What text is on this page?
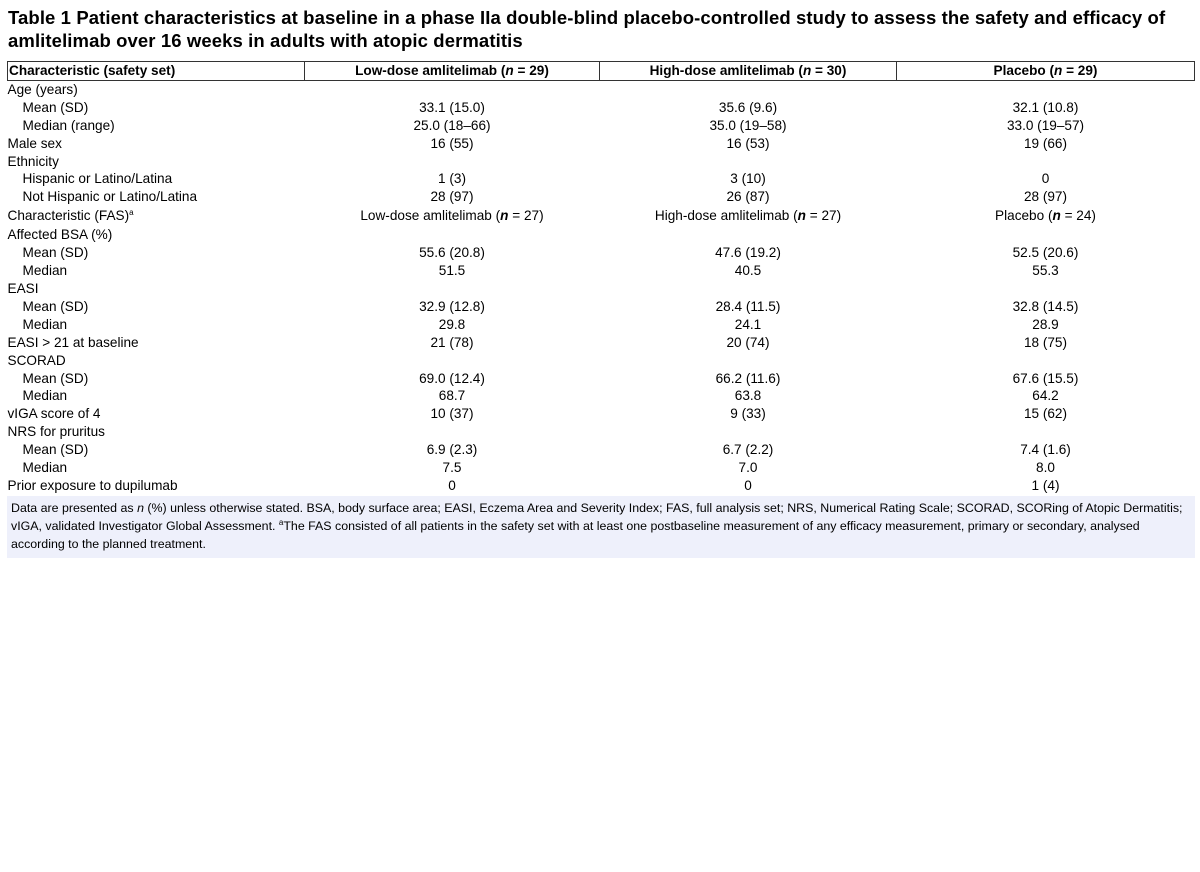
Table 1 Patient characteristics at baseline in a phase IIa double-blind placebo-controlled study to assess the safety and efficacy of amlitelimab over 16 weeks in adults with atopic dermatitis
Characteristic (safety set)	Low-dose amlitelimab (n = 29)	High-dose amlitelimab (n = 30)	Placebo (n = 29)
Age (years)			
Mean (SD)	33.1 (15.0)	35.6 (9.6)	32.1 (10.8)
Median (range)	25.0 (18–66)	35.0 (19–58)	33.0 (19–57)
Male sex	16 (55)	16 (53)	19 (66)
Ethnicity			
Hispanic or Latino/Latina	1 (3)	3 (10)	0
Not Hispanic or Latino/Latina	28 (97)	26 (87)	28 (97)
Characteristic (FAS)$^a$	Low-dose amlitelimab (n = 27)	High-dose amlitelimab (n = 27)	Placebo (n = 24)
Affected BSA (%)			
Mean (SD)	55.6 (20.8)	47.6 (19.2)	52.5 (20.6)
Median	51.5	40.5	55.3
EASI			
Mean (SD)	32.9 (12.8)	28.4 (11.5)	32.8 (14.5)
Median	29.8	24.1	28.9
EASI > 21 at baseline	21 (78)	20 (74)	18 (75)
SCORAD			
Mean (SD)	69.0 (12.4)	66.2 (11.6)	67.6 (15.5)
Median	68.7	63.8	64.2
vIGA score of 4	10 (37)	9 (33)	15 (62)
NRS for pruritus			
Mean (SD)	6.9 (2.3)	6.7 (2.2)	7.4 (1.6)
Median	7.5	7.0	8.0
Prior exposure to dupilumab	0	0	1 (4)
Data are presented as n (%) unless otherwise stated. BSA, body surface area; EASI, Eczema Area and Severity Index; FAS, full analysis set; NRS, Numerical Rating Scale; SCORAD, SCORing of Atopic Dermatitis; vIGA, validated Investigator Global Assessment. $^a$The FAS consisted of all patients in the safety set with at least one postbaseline measurement of any efficacy measurement, primary or secondary, analysed according to the planned treatment.
